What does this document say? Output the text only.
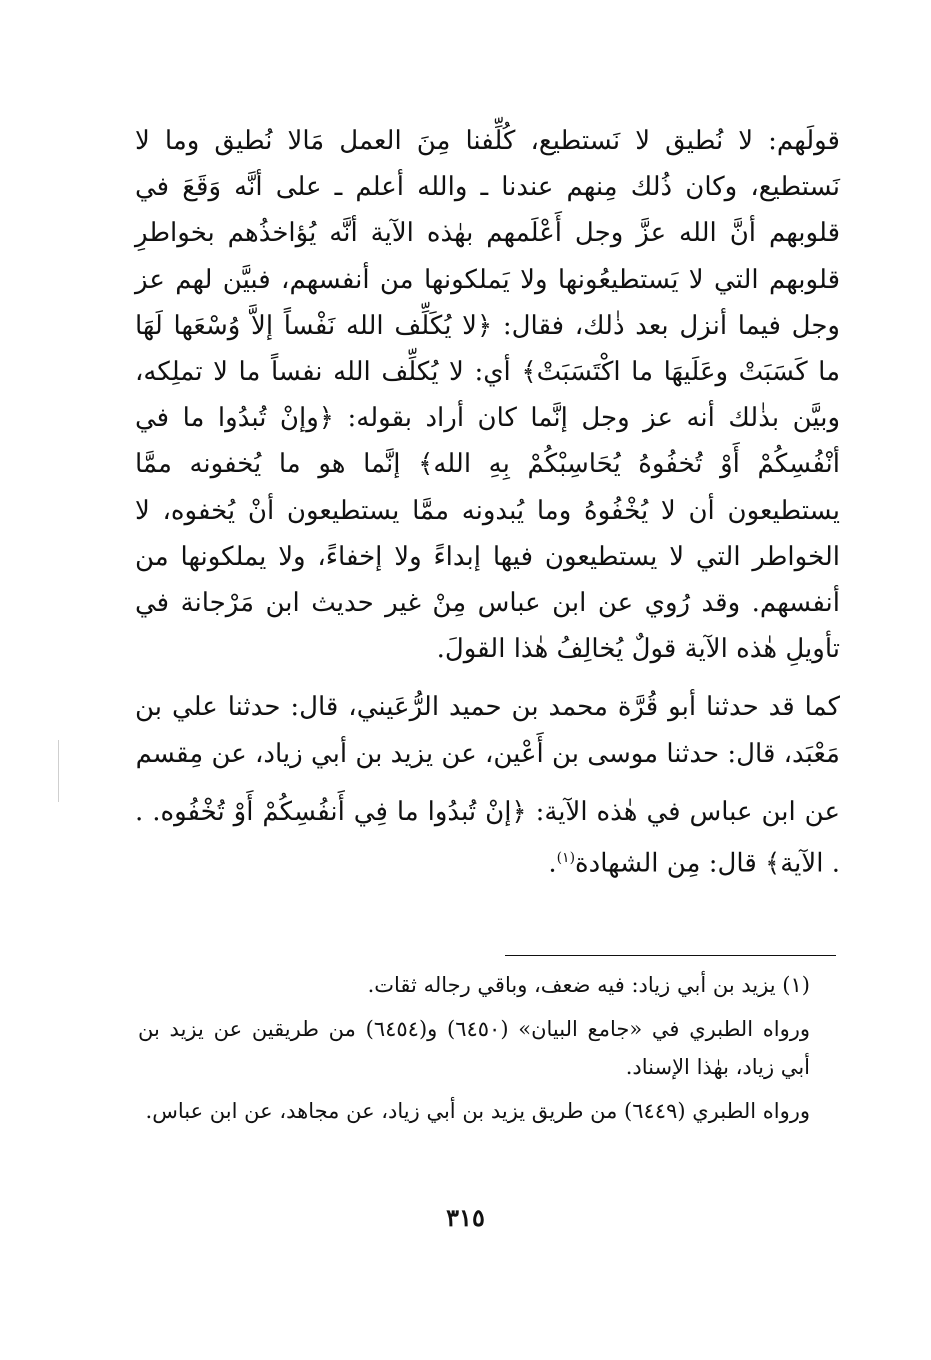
قولَهم: لا نُطيق لا نَستطيع، كُلِّفنا مِنَ العمل مَالا نُطيق وما لا نَستطيع، وكان ذُلك مِنهم عندنا ـ والله أعلم ـ على أنَّه وَقَعَ في قلوبهم أنَّ الله عزَّ وجل أَعْلَمهم بهٰذه الآية أنَّه يُؤاخذُهم بخواطرِ قلوبهم التي لا يَستطيعُونها ولا يَملكونها من أنفسهم، فبيَّن لهم عز وجل فيما أنزل بعد ذٰلك، فقال: ﴿لا يُكَلِّف الله نَفْساً إلاَّ وُسْعَها لَهَا ما كَسَبَتْ وعَلَيهَا ما اكْتَسَبَتْ﴾ أي: لا يُكلِّف الله نفساً ما لا تملِكه، وبيَّن بذٰلك أنه عز وجل إنَّما كان أراد بقوله: ﴿وإنْ تُبدُوا ما في أنْفُسِكُمْ أَوْ تُخفُوهُ يُحَاسِبْكُمْ بِهِ الله﴾ إنَّما هو ما يُخفونه ممَّا يستطيعون أن لا يُخْفُوهُ وما يُبدونه ممَّا يستطيعون أنْ يُخفوه، لا الخواطر التي لا يستطيعون فيها إبداءً ولا إخفاءً، ولا يملكونها من أنفسهم. وقد رُوي عن ابن عباس مِنْ غير حديث ابن مَرْجانة في تأويلِ هٰذه الآية قولٌ يُخالِفُ هٰذا القولَ.

كما قد حدثنا أبو قُرَّة محمد بن حميد الرُّعَيني، قال: حدثنا علي بن مَعْبَد، قال: حدثنا موسى بن أَعْين، عن يزيد بن أبي زياد، عن مِقسم

عن ابن عباس في هٰذه الآية: ﴿إنْ تُبدُوا ما فِي أَنفُسِكُمْ أَوْ تُخْفُوه. . . الآية﴾ قال: مِن الشهادة$^{(١)}$.

(١) يزيد بن أبي زياد: فيه ضعف، وباقي رجاله ثقات.

ورواه الطبري في «جامع البيان» (٦٤٥٠) و(٦٤٥٤) من طريقين عن يزيد بن أبي زياد، بهٰذا الإسناد.

ورواه الطبري (٦٤٤٩) من طريق يزيد بن أبي زياد، عن مجاهد، عن ابن عباس.

٣١٥
